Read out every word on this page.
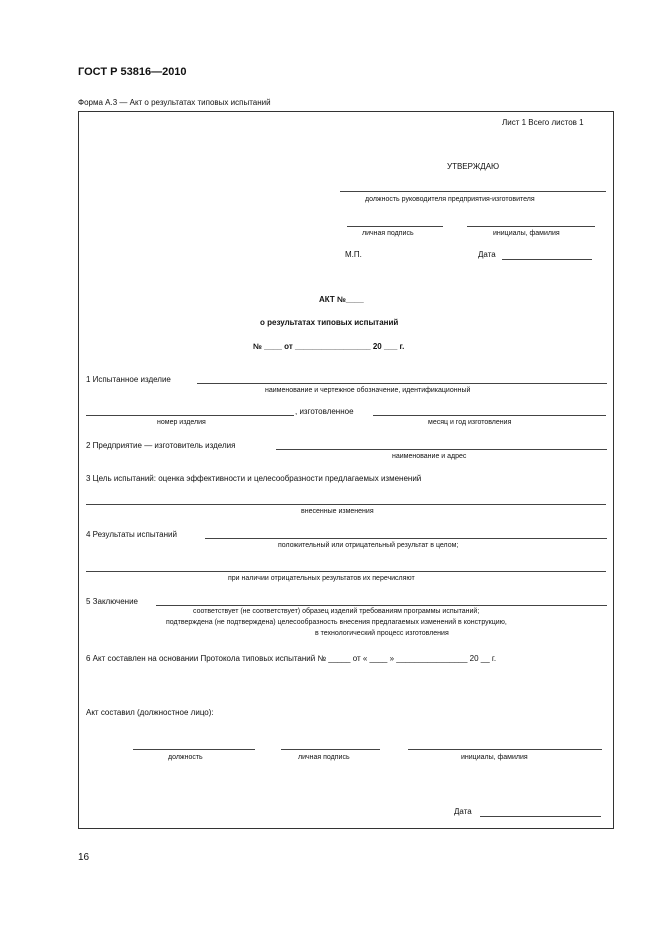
ГОСТ Р 53816—2010
Форма А.3 — Акт о результатах типовых испытаний
Лист 1 Всего листов 1
УТВЕРЖДАЮ
должность руководителя предприятия-изготовителя
личная подпись	инициалы, фамилия
М.П.	Дата
АКТ №____
о результатах типовых испытаний
№ ____ от _________________ 20 ___ г.
1 Испытанное изделие
наименование и чертежное обозначение, идентификационный
, изготовленное
номер изделия	месяц и год изготовления
2 Предприятие — изготовитель изделия
наименование и адрес
3 Цель испытаний: оценка эффективности и целесообразности предлагаемых изменений
внесенные изменения
4 Результаты испытаний
положительный или отрицательный результат в целом;
при наличии отрицательных результатов их перечисляют
5 Заключение
соответствует (не соответствует) образец изделий требованиям программы испытаний;
подтверждена (не подтверждена) целесообразность внесения предлагаемых изменений в конструкцию,
в технологический процесс изготовления
6 Акт составлен на основании Протокола типовых испытаний № _____ от « ____ » ________________ 20 __ г.
Акт составил (должностное лицо):
должность	личная подпись	инициалы, фамилия
Дата
16
